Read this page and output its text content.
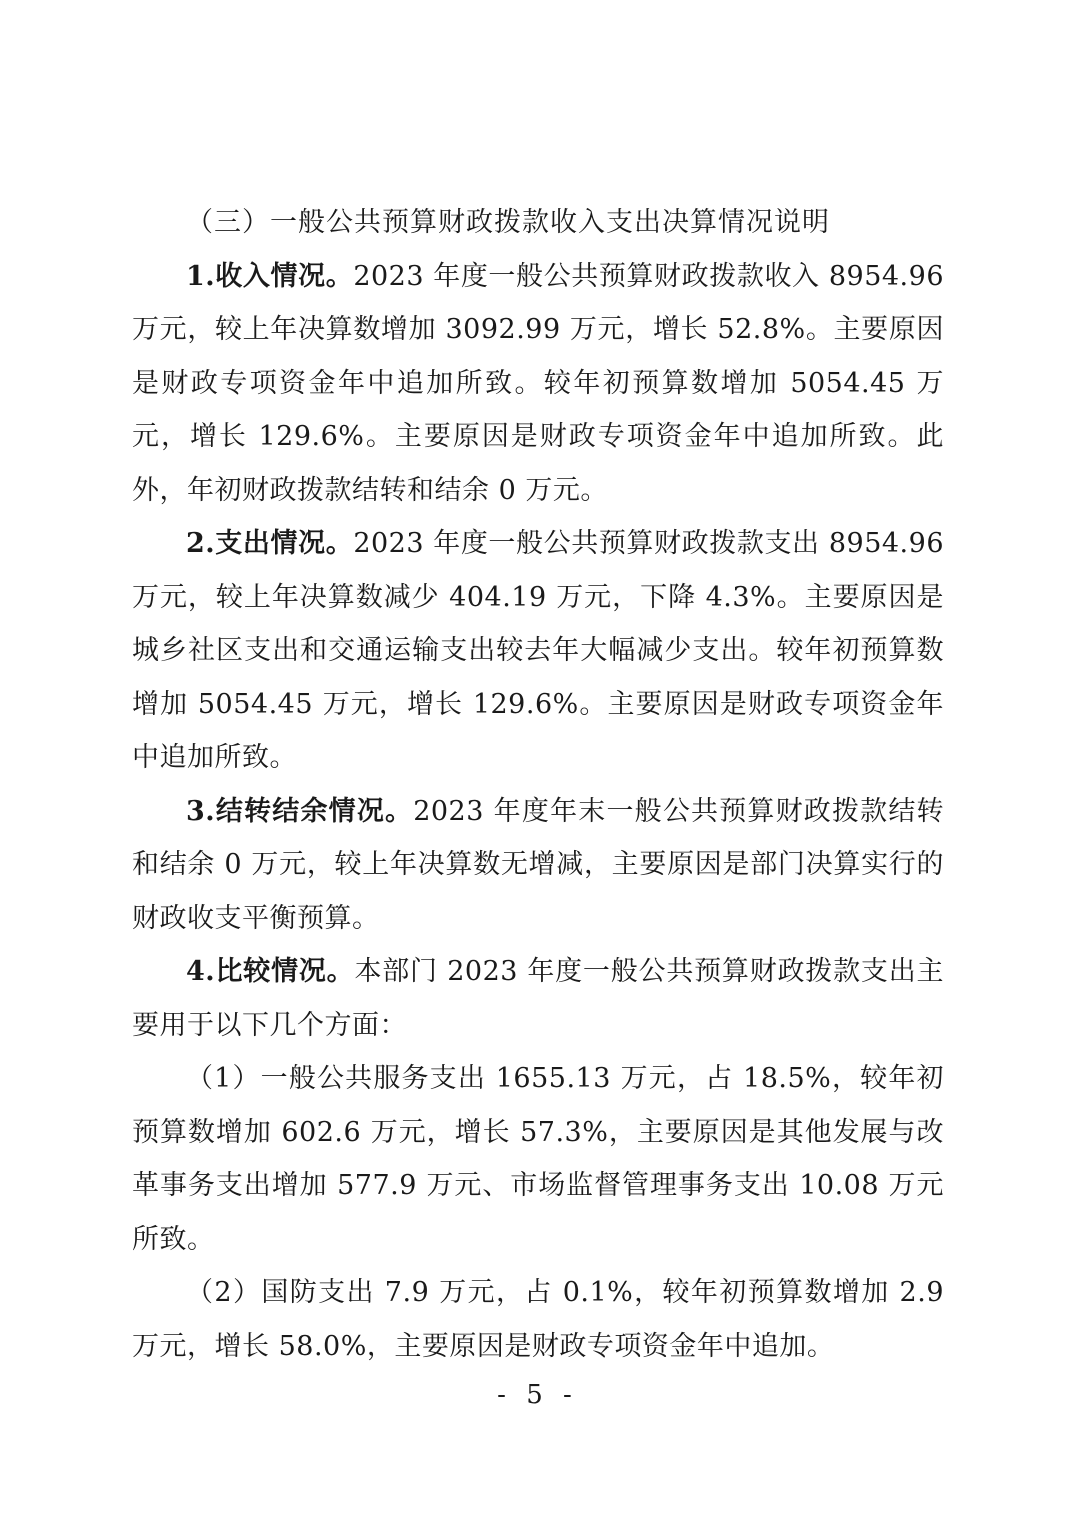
（三）一般公共预算财政拨款收入支出决算情况说明

1.收入情况。2023 年度一般公共预算财政拨款收入 8954.96 万元，较上年决算数增加 3092.99 万元，增长 52.8%。主要原因是财政专项资金年中追加所致。较年初预算数增加 5054.45 万元，增长 129.6%。主要原因是财政专项资金年中追加所致。此外，年初财政拨款结转和结余 0 万元。

2.支出情况。2023 年度一般公共预算财政拨款支出 8954.96 万元，较上年决算数减少 404.19 万元，下降 4.3%。主要原因是城乡社区支出和交通运输支出较去年大幅减少支出。较年初预算数增加 5054.45 万元，增长 129.6%。主要原因是财政专项资金年中追加所致。

3.结转结余情况。2023 年度年末一般公共预算财政拨款结转和结余 0 万元，较上年决算数无增减，主要原因是部门决算实行的财政收支平衡预算。

4.比较情况。本部门 2023 年度一般公共预算财政拨款支出主要用于以下几个方面：

（1）一般公共服务支出 1655.13 万元，占 18.5%，较年初预算数增加 602.6 万元，增长 57.3%，主要原因是其他发展与改革事务支出增加 577.9 万元、市场监督管理事务支出 10.08 万元所致。

（2）国防支出 7.9 万元，占 0.1%，较年初预算数增加 2.9 万元，增长 58.0%，主要原因是财政专项资金年中追加。

- 5 -
